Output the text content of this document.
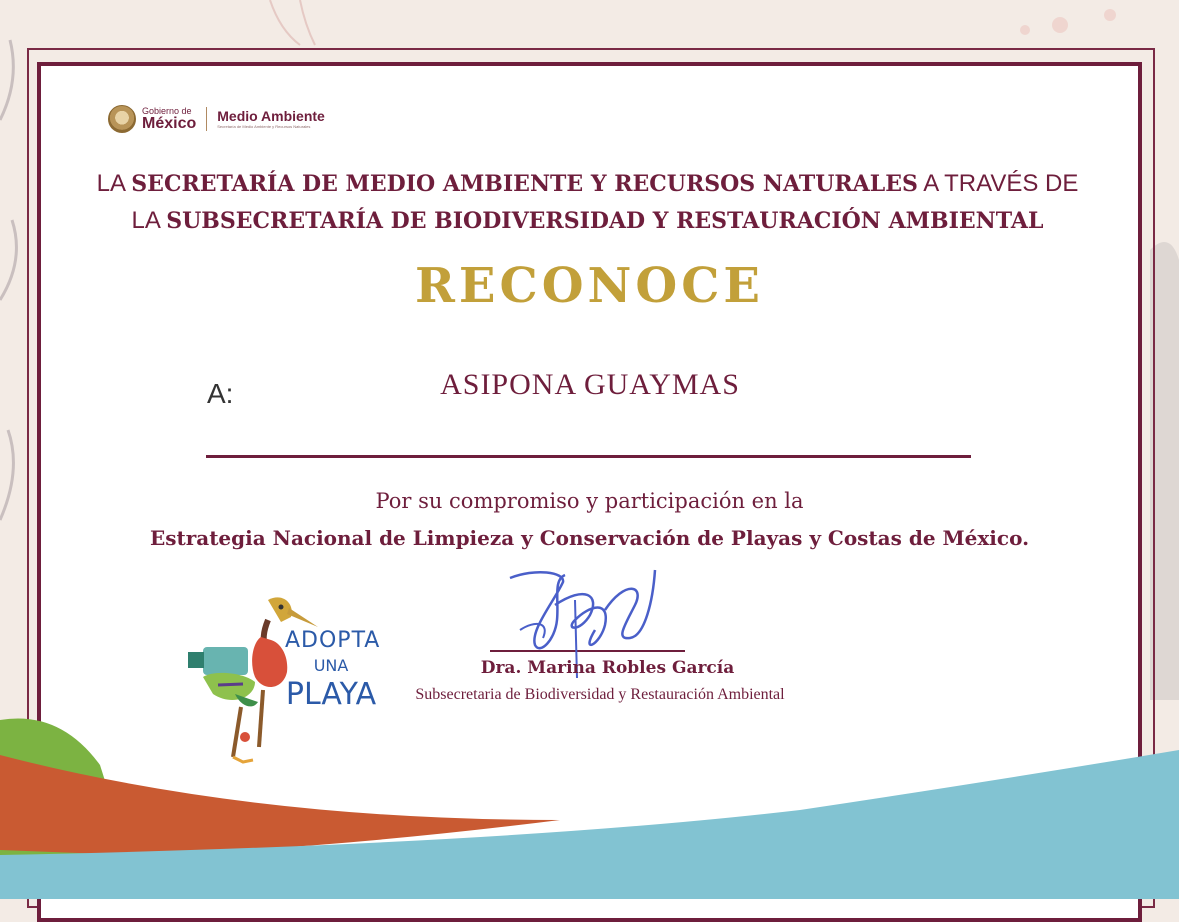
Gobierno de
México Medio Ambiente
Secretaría de Medio Ambiente y Recursos Naturales
LA SECRETARÍA DE MEDIO AMBIENTE Y RECURSOS NATURALES A TRAVÉS DE
LA SUBSECRETARÍA DE BIODIVERSIDAD Y RESTAURACIÓN AMBIENTAL
RECONOCE
A:	ASIPONA GUAYMAS
Por su compromiso y participación en la
Estrategia Nacional de Limpieza y Conservación de Playas y Costas de México.
Dra. Marina Robles García
Subsecretaria de Biodiversidad y Restauración Ambiental
ADOPTA
UNA
PLAYA
